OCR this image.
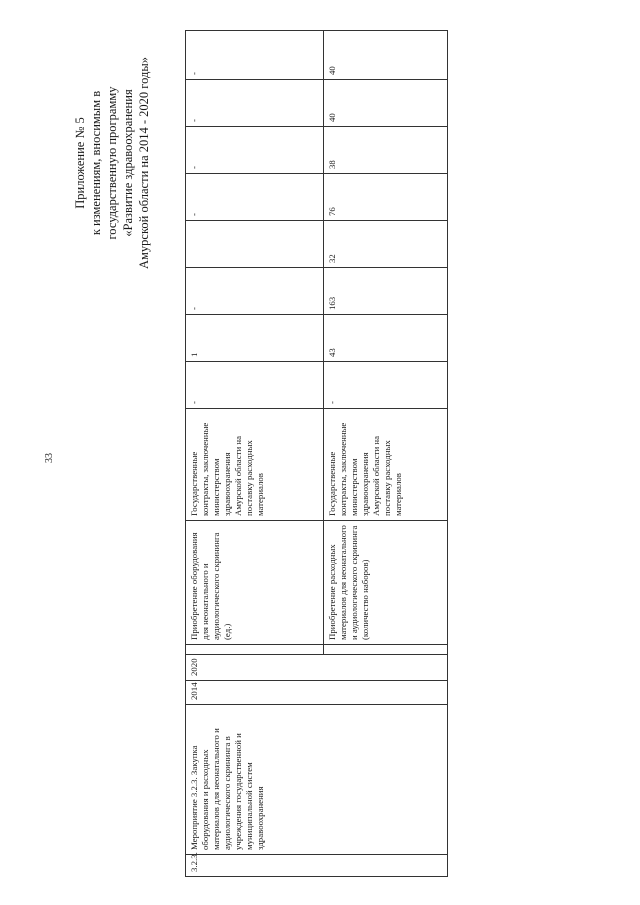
33
Приложение № 5 к изменениям, вносимым в государственную программу «Развитие здравоохранения Амурской области на 2014 - 2020 годы»
3.2.3.	Мероприятие 3.2.3. Закупка оборудования и расходных материалов для неонатального и аудиологического скрининга в учреждения государственной и муниципальной систем здравоохранения	2014	2020		Приобретение оборудования для неонатального и аудиологического скрининга (ед.)	Государственные контракты, заключенные министерством здравоохранения Амурской области на поставку расходных материалов	-	1	-		-	-	-	-
					Приобретение расходных материалов для неонатального и аудиологического скрининга (количество наборов)	Государственные контракты, заключенные министерством здравоохранения Амурской области на поставку расходных материалов	-	43	163	32	76	38	40	40
